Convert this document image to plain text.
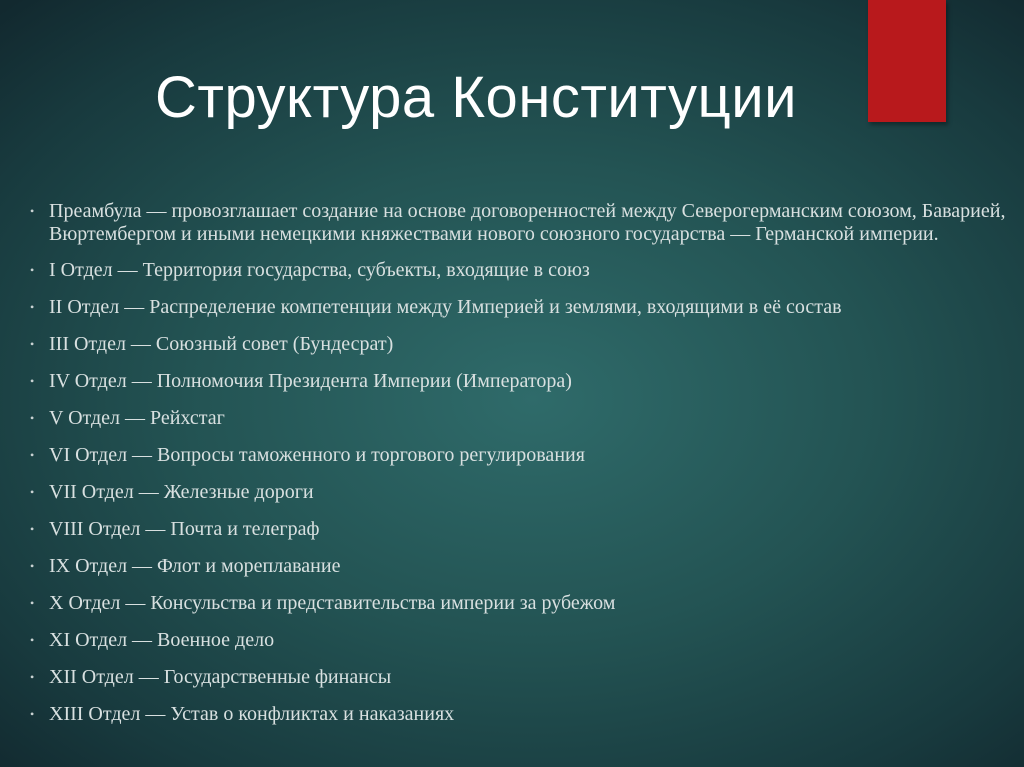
Структура Конституции
• Преамбула — провозглашает создание на основе договоренностей между Северогерманским союзом, Баварией, Вюртембергом и иными немецкими княжествами нового союзного государства — Германской империи.
• I Отдел — Территория государства, субъекты, входящие в союз
• II Отдел — Распределение компетенции между Империей и землями, входящими в её состав
• III Отдел — Союзный совет (Бундесрат)
• IV Отдел — Полномочия Президента Империи (Императора)
• V Отдел — Рейхстаг
• VI Отдел — Вопросы таможенного и торгового регулирования
• VII Отдел — Железные дороги
• VIII Отдел — Почта и телеграф
• IX Отдел — Флот и мореплавание
• X Отдел — Консульства и представительства империи за рубежом
• XI Отдел — Военное дело
• XII Отдел — Государственные финансы
• XIII Отдел — Устав о конфликтах и наказаниях
